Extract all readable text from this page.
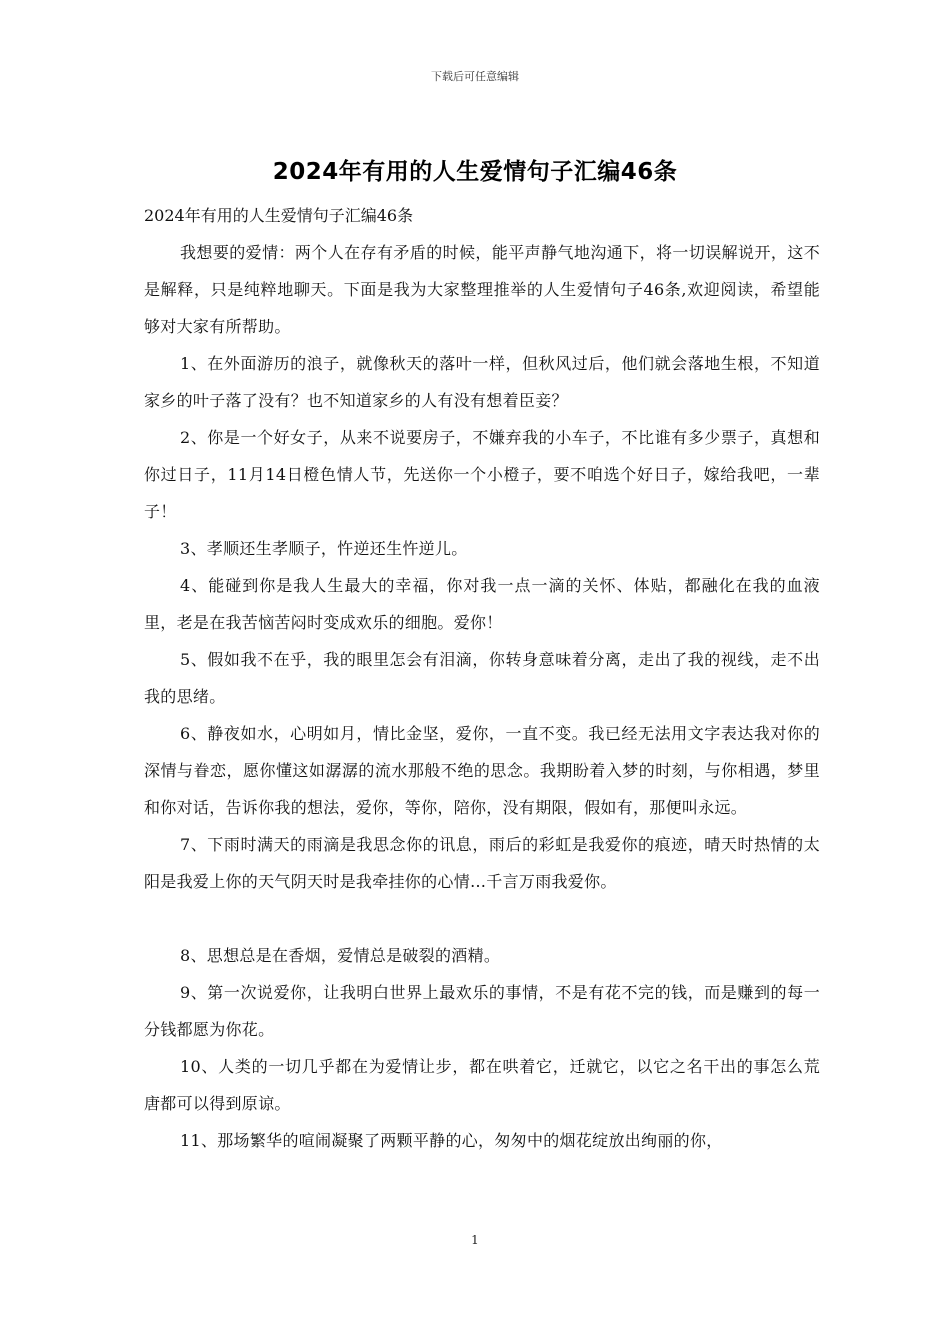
下载后可任意编辑
2024年有用的人生爱情句子汇编46条

2024年有用的人生爱情句子汇编46条

我想要的爱情：两个人在存有矛盾的时候，能平声静气地沟通下，将一切误解说开，这不是解释，只是纯粹地聊天。下面是我为大家整理推举的人生爱情句子46条,欢迎阅读，希望能够对大家有所帮助。

1、在外面游历的浪子，就像秋天的落叶一样，但秋风过后，他们就会落地生根，不知道家乡的叶子落了没有？也不知道家乡的人有没有想着臣妾？

2、你是一个好女子，从来不说要房子，不嫌弃我的小车子，不比谁有多少票子，真想和你过日子，11月14日橙色情人节，先送你一个小橙子，要不咱选个好日子，嫁给我吧，一辈子！

3、孝顺还生孝顺子，忤逆还生忤逆儿。

4、能碰到你是我人生最大的幸福，你对我一点一滴的关怀、体贴，都融化在我的血液里，老是在我苦恼苦闷时变成欢乐的细胞。爱你！

5、假如我不在乎，我的眼里怎会有泪滴，你转身意味着分离，走出了我的视线，走不出我的思绪。

6、静夜如水，心明如月，情比金坚，爱你，一直不变。我已经无法用文字表达我对你的深情与眷恋，愿你懂这如潺潺的流水那般不绝的思念。我期盼着入梦的时刻，与你相遇，梦里和你对话，告诉你我的想法，爱你，等你，陪你，没有期限，假如有，那便叫永远。

7、下雨时满天的雨滴是我思念你的讯息，雨后的彩虹是我爱你的痕迹，晴天时热情的太阳是我爱上你的天气阴天时是我牵挂你的心情…千言万雨我爱你。

8、思想总是在香烟，爱情总是破裂的酒精。

9、第一次说爱你，让我明白世界上最欢乐的事情，不是有花不完的钱，而是赚到的每一分钱都愿为你花。

10、人类的一切几乎都在为爱情让步，都在哄着它，迁就它，以它之名干出的事怎么荒唐都可以得到原谅。

11、那场繁华的喧闹凝聚了两颗平静的心，匆匆中的烟花绽放出绚丽的你，

1
